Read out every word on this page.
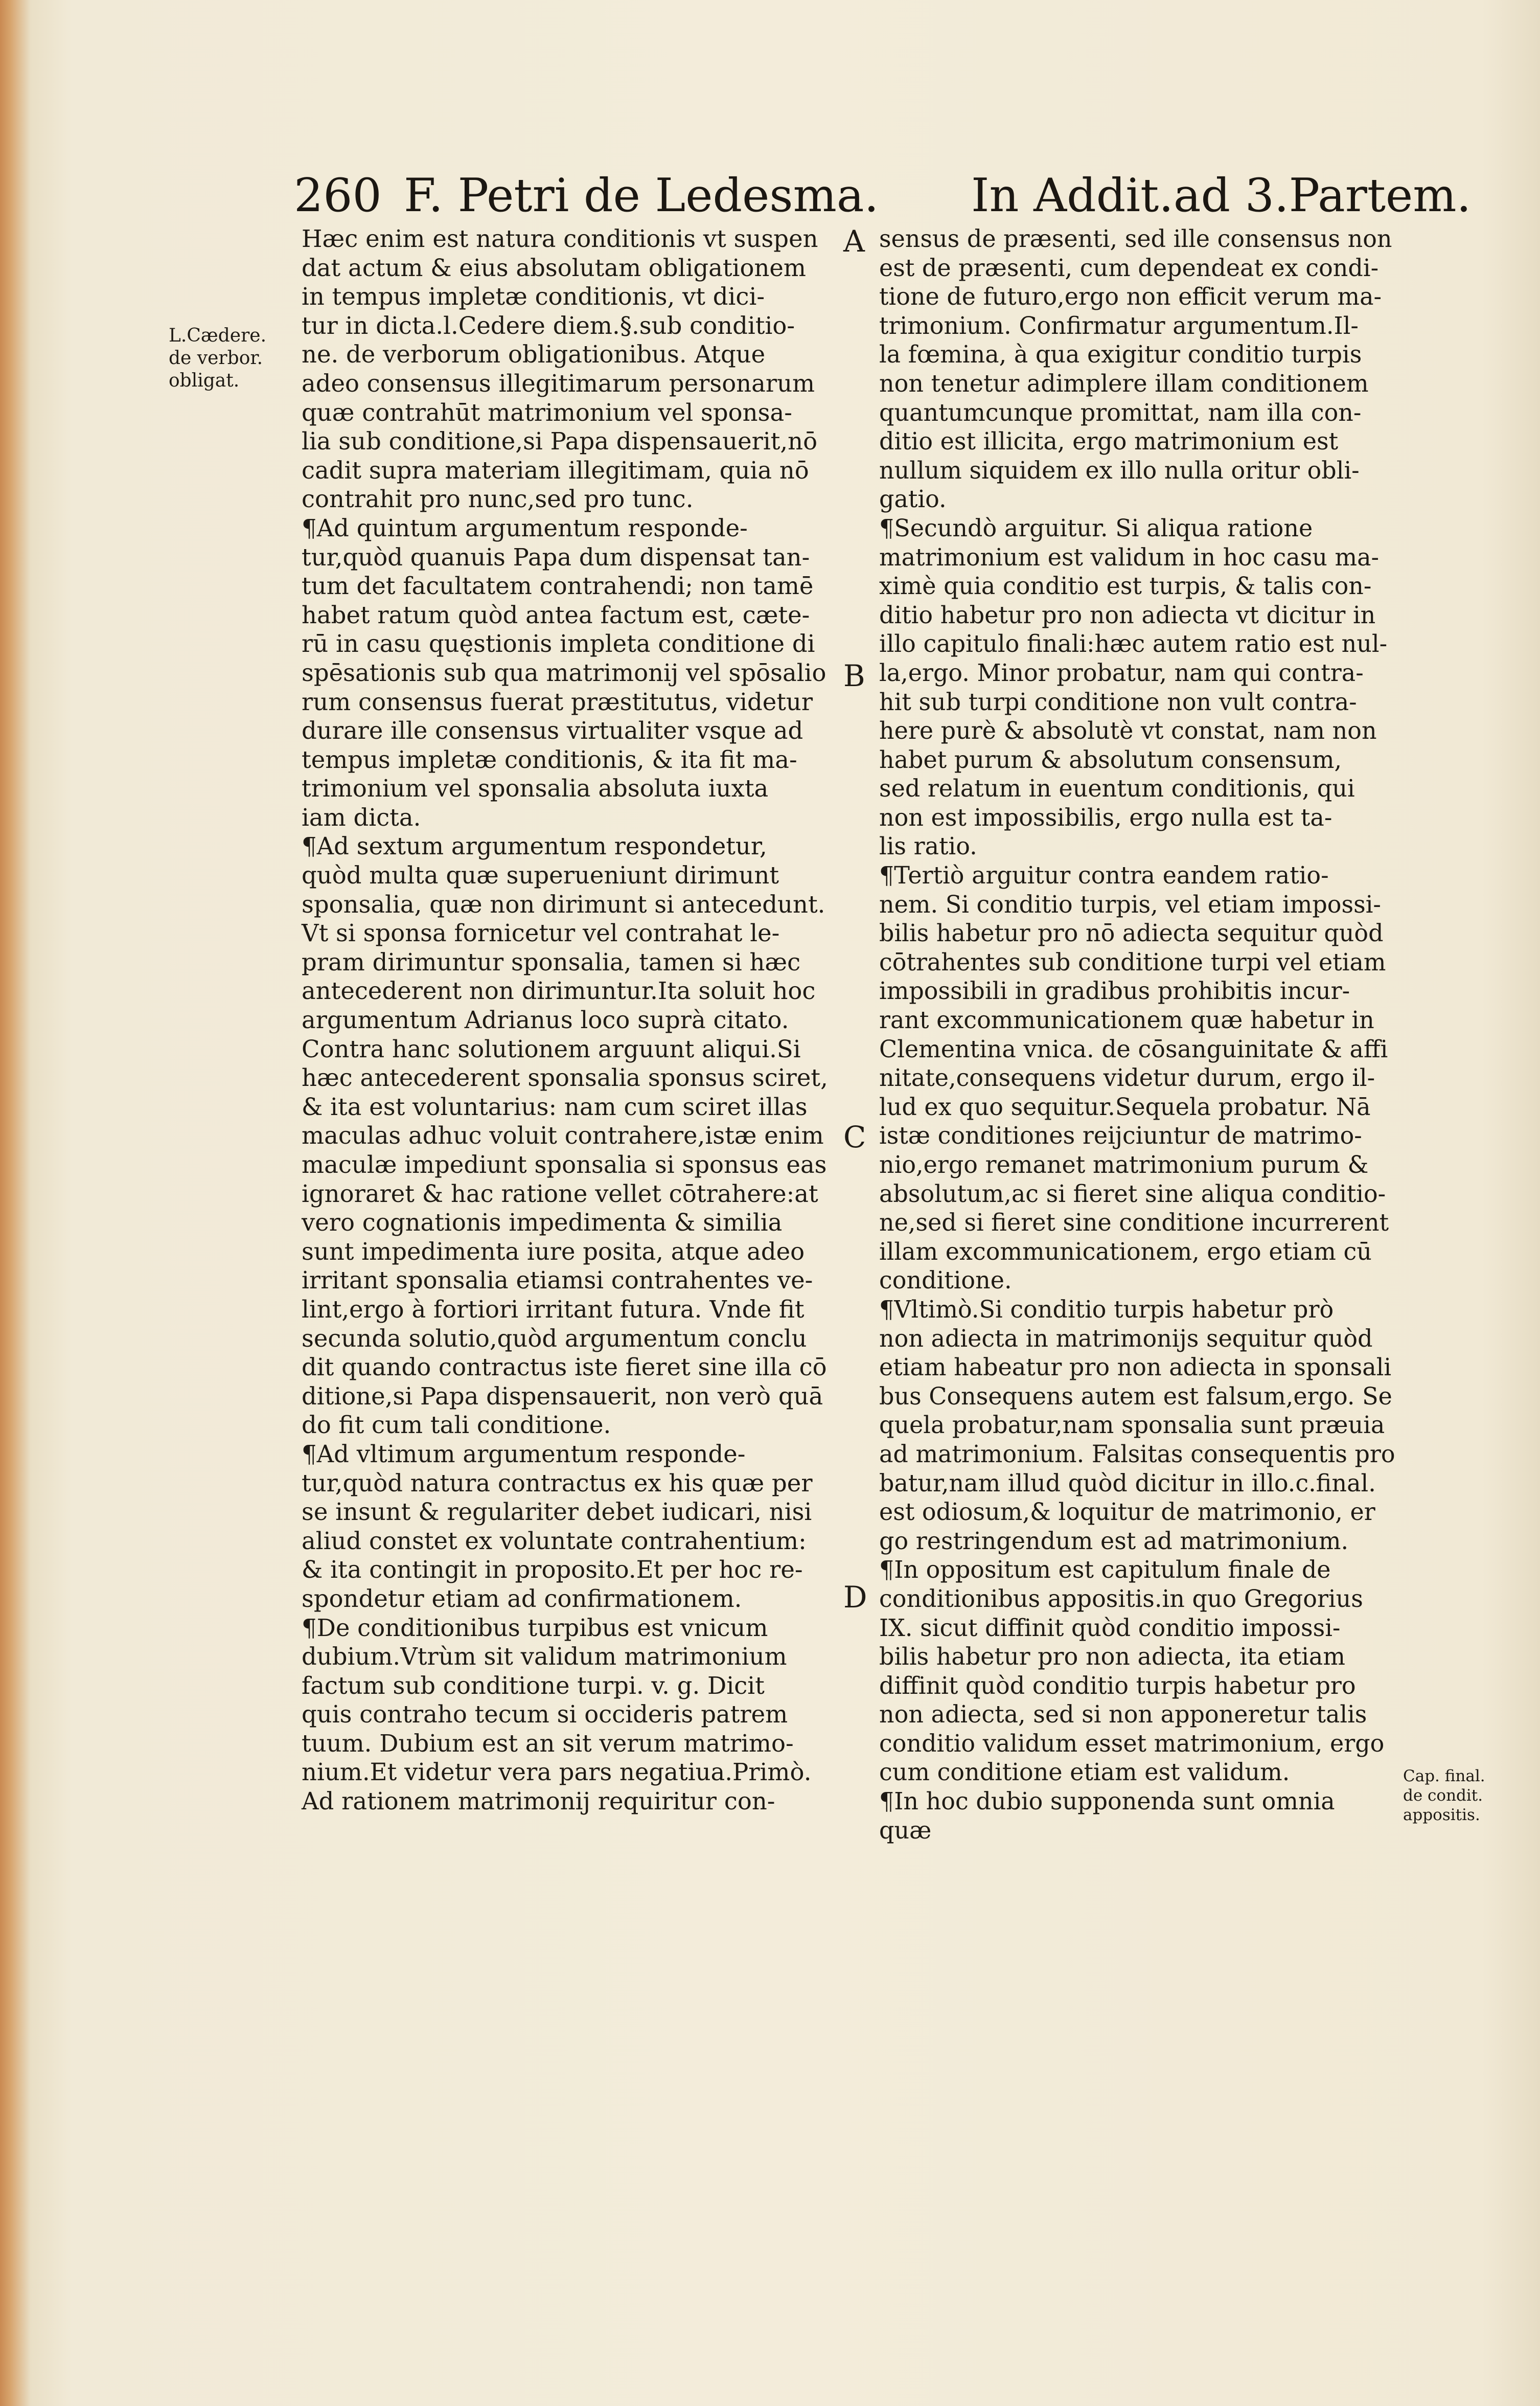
260 F. Petri de Ledesma. In Addit.ad 3.Partem.
L.Cædere.
de verbor.
obligat.
Cap. final.
de condit.
appositis.
A
B
C
D
Hæc enim est natura conditionis vt suspen
dat actum & eius absolutam obligationem
in tempus impletæ conditionis, vt dici-
tur in dicta.l.Cedere diem.§.sub conditio-
ne. de verborum obligationibus. Atque
adeo consensus illegitimarum personarum
quæ contrahūt matrimonium vel sponsa-
lia sub conditione,si Papa dispensauerit,nō
cadit supra materiam illegitimam, quia nō
contrahit pro nunc,sed pro tunc.
¶Ad quintum argumentum responde-
tur,quòd quanuis Papa dum dispensat tan-
tum det facultatem contrahendi; non tamē
habet ratum quòd antea factum est, cæte-
rū in casu quęstionis impleta conditione di
spēsationis sub qua matrimonij vel spōsalio
rum consensus fuerat præstitutus, videtur
durare ille consensus virtualiter vsque ad
tempus impletæ conditionis, & ita fit ma-
trimonium vel sponsalia absoluta iuxta
iam dicta.
¶Ad sextum argumentum respondetur,
quòd multa quæ superueniunt dirimunt
sponsalia, quæ non dirimunt si antecedunt.
Vt si sponsa fornicetur vel contrahat le-
pram dirimuntur sponsalia, tamen si hæc
antecederent non dirimuntur.Ita soluit hoc
argumentum Adrianus loco suprà citato.
Contra hanc solutionem arguunt aliqui.Si
hæc antecederent sponsalia sponsus sciret,
& ita est voluntarius: nam cum sciret illas
maculas adhuc voluit contrahere,istæ enim
maculæ impediunt sponsalia si sponsus eas
ignoraret & hac ratione vellet cōtrahere:at
vero cognationis impedimenta & similia
sunt impedimenta iure posita, atque adeo
irritant sponsalia etiamsi contrahentes ve-
lint,ergo à fortiori irritant futura. Vnde fit
secunda solutio,quòd argumentum conclu
dit quando contractus iste fieret sine illa cō
ditione,si Papa dispensauerit, non verò quā
do fit cum tali conditione.
¶Ad vltimum argumentum responde-
tur,quòd natura contractus ex his quæ per
se insunt & regulariter debet iudicari, nisi
aliud constet ex voluntate contrahentium:
& ita contingit in proposito.Et per hoc re-
spondetur etiam ad confirmationem.
¶De conditionibus turpibus est vnicum
dubium.Vtrùm sit validum matrimonium
factum sub conditione turpi. v. g. Dicit
quis contraho tecum si occideris patrem
tuum. Dubium est an sit verum matrimo-
nium.Et videtur vera pars negatiua.Primò.
Ad rationem matrimonij requiritur con-
sensus de præsenti, sed ille consensus non
est de præsenti, cum dependeat ex condi-
tione de futuro,ergo non efficit verum ma-
trimonium. Confirmatur argumentum.Il-
la fœmina, à qua exigitur conditio turpis
non tenetur adimplere illam conditionem
quantumcunque promittat, nam illa con-
ditio est illicita, ergo matrimonium est
nullum siquidem ex illo nulla oritur obli-
gatio.
¶Secundò arguitur. Si aliqua ratione
matrimonium est validum in hoc casu ma-
ximè quia conditio est turpis, & talis con-
ditio habetur pro non adiecta vt dicitur in
illo capitulo finali:hæc autem ratio est nul-
la,ergo. Minor probatur, nam qui contra-
hit sub turpi conditione non vult contra-
here purè & absolutè vt constat, nam non
habet purum & absolutum consensum,
sed relatum in euentum conditionis, qui
non est impossibilis, ergo nulla est ta-
lis ratio.
¶Tertiò arguitur contra eandem ratio-
nem. Si conditio turpis, vel etiam impossi-
bilis habetur pro nō adiecta sequitur quòd
cōtrahentes sub conditione turpi vel etiam
impossibili in gradibus prohibitis incur-
rant excommunicationem quæ habetur in
Clementina vnica. de cōsanguinitate & affi
nitate,consequens videtur durum, ergo il-
lud ex quo sequitur.Sequela probatur. Nā
istæ conditiones reijciuntur de matrimo-
nio,ergo remanet matrimonium purum &
absolutum,ac si fieret sine aliqua conditio-
ne,sed si fieret sine conditione incurrerent
illam excommunicationem, ergo etiam cū
conditione.
¶Vltimò.Si conditio turpis habetur prò
non adiecta in matrimonijs sequitur quòd
etiam habeatur pro non adiecta in sponsali
bus Consequens autem est falsum,ergo. Se
quela probatur,nam sponsalia sunt præuia
ad matrimonium. Falsitas consequentis pro
batur,nam illud quòd dicitur in illo.c.final.
est odiosum,& loquitur de matrimonio, er
go restringendum est ad matrimonium.
¶In oppositum est capitulum finale de
conditionibus appositis.in quo Gregorius
IX. sicut diffinit quòd conditio impossi-
bilis habetur pro non adiecta, ita etiam
diffinit quòd conditio turpis habetur pro
non adiecta, sed si non apponeretur talis
conditio validum esset matrimonium, ergo
cum conditione etiam est validum.
¶In hoc dubio supponenda sunt omnia
quæ
